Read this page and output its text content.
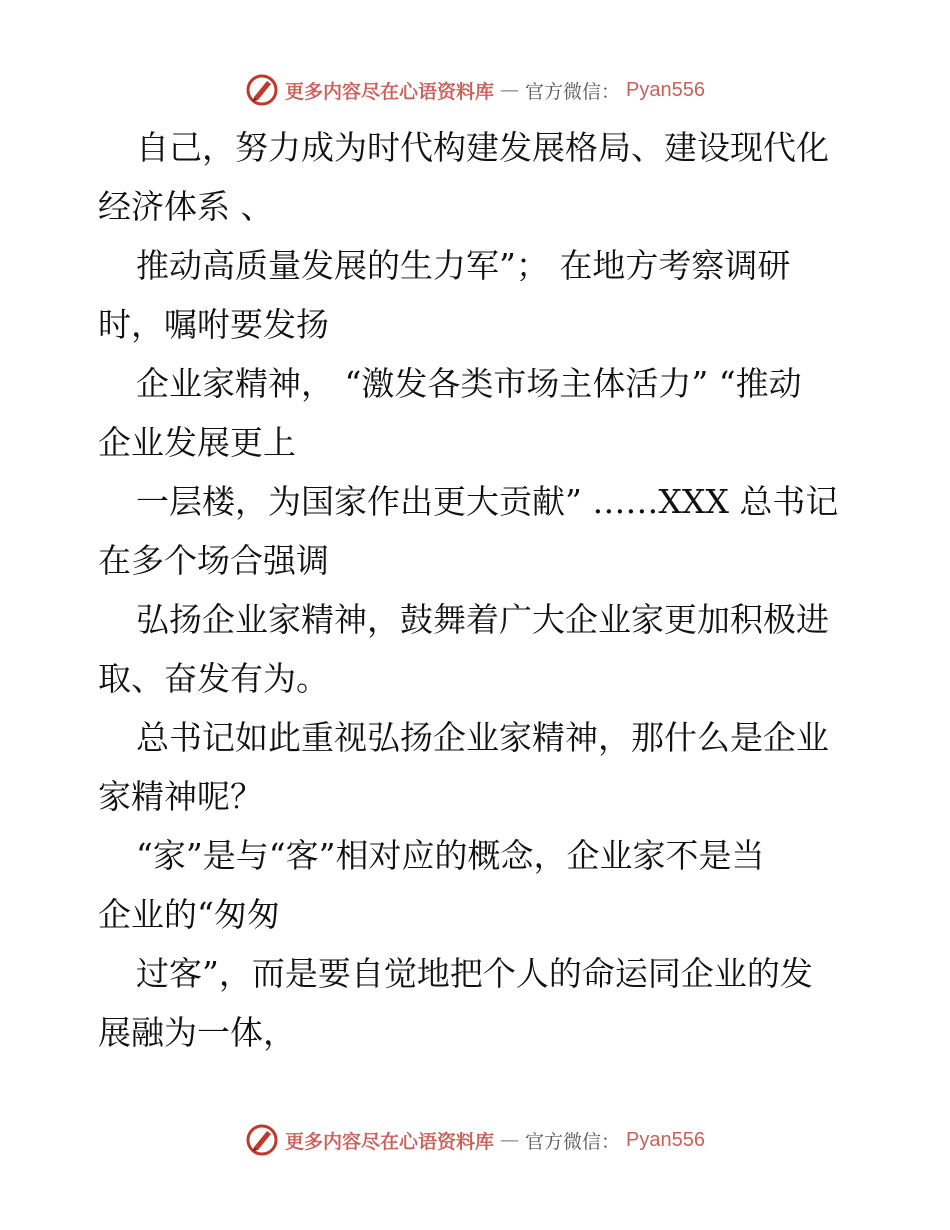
更多内容尽在心语资料库 — 官方微信： Pyan556
自己，努力成为时代构建发展格局、建设现代化
经济体系 、
推动高质量发展的生力军”； 在地方考察调研
时，嘱咐要发扬
企业家精神， “激发各类市场主体活力” “推动
企业发展更上
一层楼，为国家作出更大贡献” ……XXX 总书记
在多个场合强调
弘扬企业家精神，鼓舞着广大企业家更加积极进
取、奋发有为。
总书记如此重视弘扬企业家精神，那什么是企业
家精神呢？
“家”是与“客”相对应的概念，企业家不是当
企业的“匆匆
过客”，而是要自觉地把个人的命运同企业的发
展融为一体，
更多内容尽在心语资料库 — 官方微信： Pyan556
